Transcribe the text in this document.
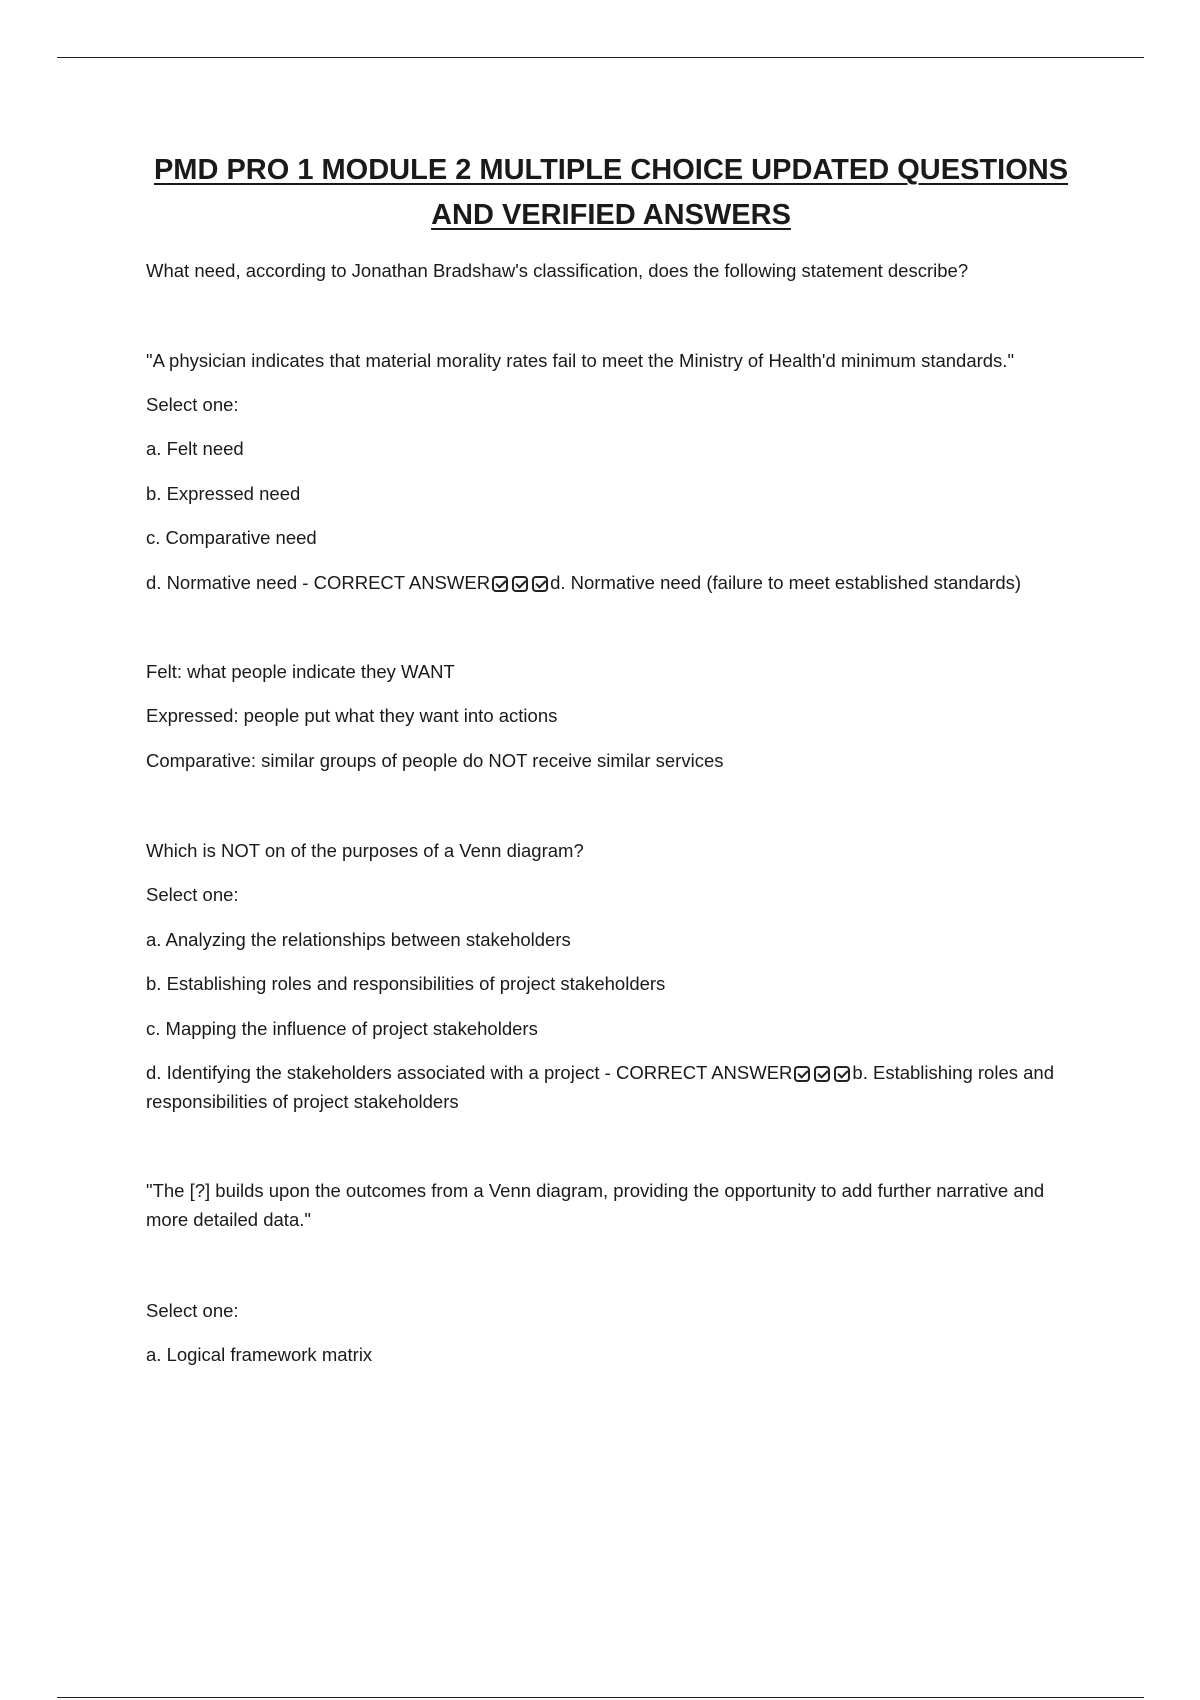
PMD PRO 1 MODULE 2 MULTIPLE CHOICE UPDATED QUESTIONS
AND VERIFIED ANSWERS

What need, according to Jonathan Bradshaw's classification, does the following statement describe?

"A physician indicates that material morality rates fail to meet the Ministry of Health'd minimum standards."

Select one:

a. Felt need

b. Expressed need

c. Comparative need

d. Normative need - CORRECT ANSWER	d. Normative need (failure to meet established standards)

Felt: what people indicate they WANT

Expressed: people put what they want into actions

Comparative: similar groups of people do NOT receive similar services

Which is NOT on of the purposes of a Venn diagram?

Select one:

a. Analyzing the relationships between stakeholders

b. Establishing roles and responsibilities of project stakeholders

c. Mapping the influence of project stakeholders

d. Identifying the stakeholders associated with a project - CORRECT ANSWER	b. Establishing roles and responsibilities of project stakeholders

"The [?] builds upon the outcomes from a Venn diagram, providing the opportunity to add further narrative and more detailed data."

Select one:

a. Logical framework matrix
